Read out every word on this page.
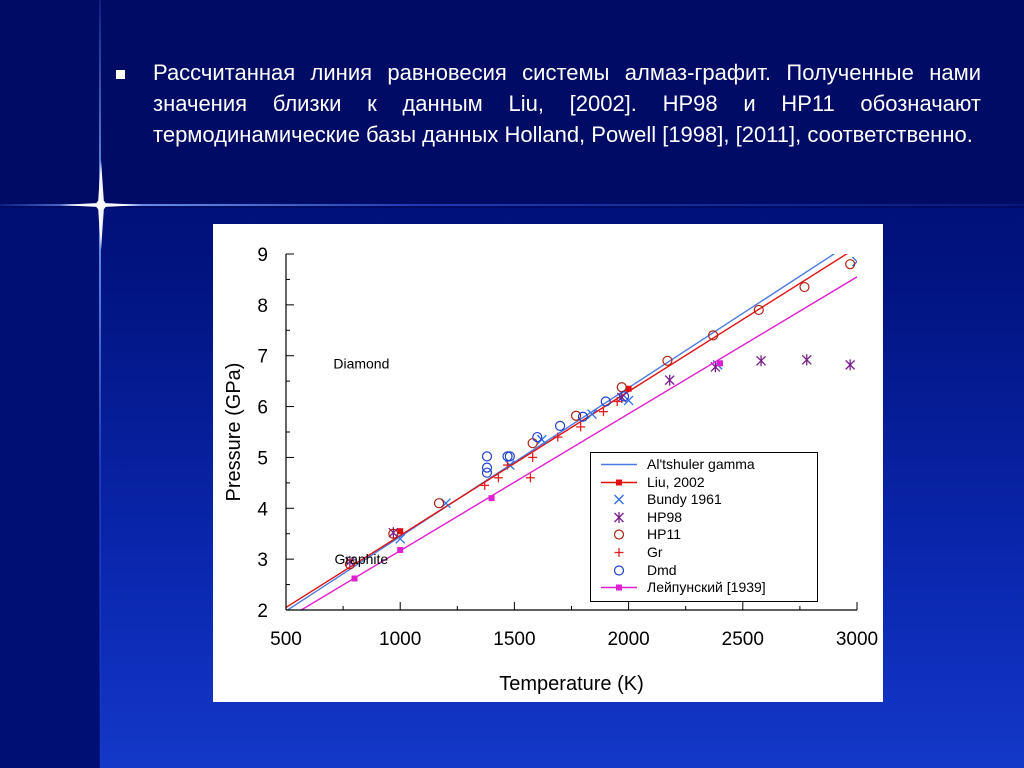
Рассчитанная линия равновесия системы алмаз-графит. Полученные нами значения близки к данным Liu, [2002]. HP98 и HP11 обозначают термодинамические базы данных Holland, Powell [1998], [2011], соответственно.
500	1000	1500	2000	2500	3000
2
3
4
5
6
7
8
9
Temperature (K)
Pressure (GPa)	Diamond
Graphite
Al'tshuler gamma
Liu, 2002
Bundy 1961
HP98
HP11
Gr
Dmd
Лейпунский [1939]
